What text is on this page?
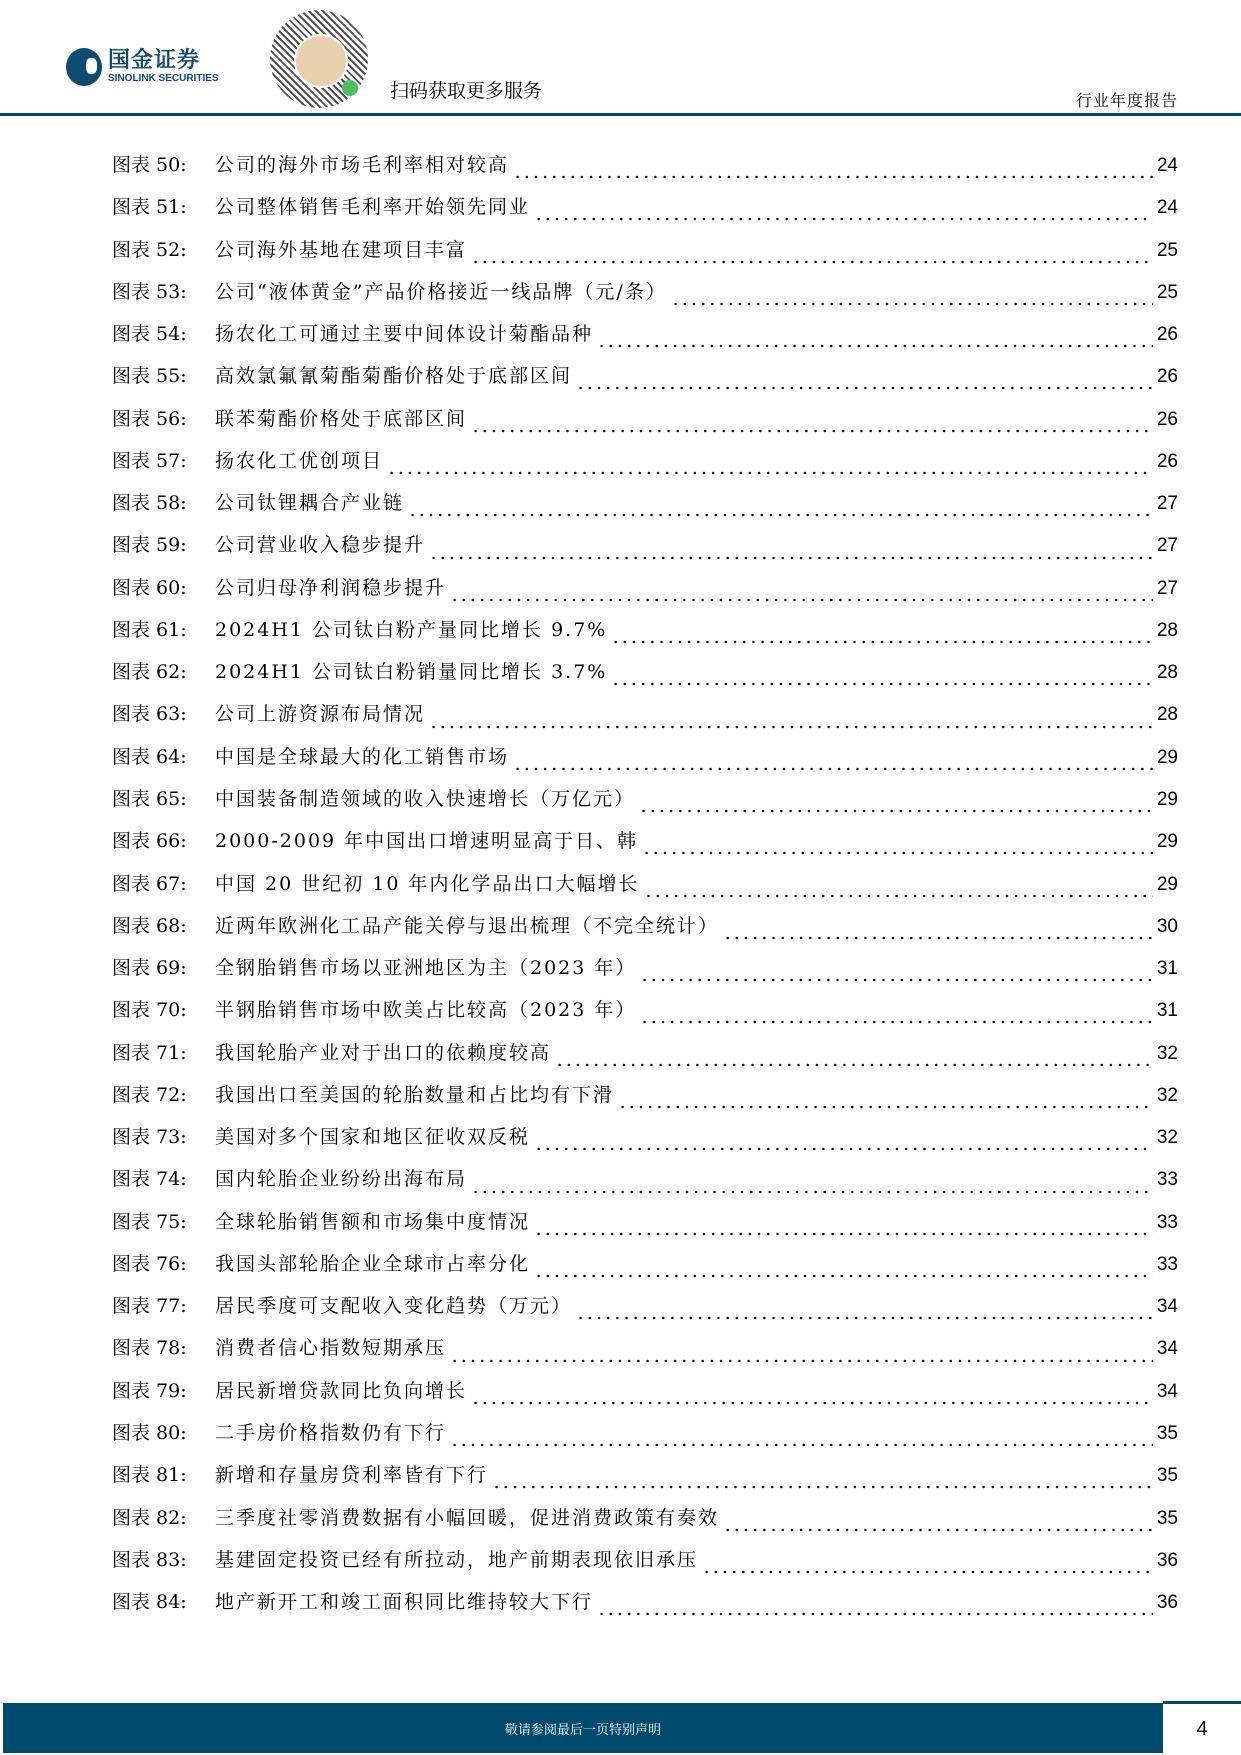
国金证券
SINOLINK SECURITIES
扫码获取更多服务	行业年度报告
图表 50:	公司的海外市场毛利率相对较高	24
图表 51:	公司整体销售毛利率开始领先同业	24
图表 52:	公司海外基地在建项目丰富	25
图表 53:	公司“液体黄金”产品价格接近一线品牌（元/条）	25
图表 54:	扬农化工可通过主要中间体设计菊酯品种	26
图表 55:	高效氯氟氰菊酯菊酯价格处于底部区间	26
图表 56:	联苯菊酯价格处于底部区间	26
图表 57:	扬农化工优创项目	26
图表 58:	公司钛锂耦合产业链	27
图表 59:	公司营业收入稳步提升	27
图表 60:	公司归母净利润稳步提升	27
图表 61:	2024H1 公司钛白粉产量同比增长 9.7%	28
图表 62:	2024H1 公司钛白粉销量同比增长 3.7%	28
图表 63:	公司上游资源布局情况	28
图表 64:	中国是全球最大的化工销售市场	29
图表 65:	中国装备制造领域的收入快速增长（万亿元）	29
图表 66:	2000-2009 年中国出口增速明显高于日、韩	29
图表 67:	中国 20 世纪初 10 年内化学品出口大幅增长	29
图表 68:	近两年欧洲化工品产能关停与退出梳理（不完全统计）	30
图表 69:	全钢胎销售市场以亚洲地区为主（2023 年）	31
图表 70:	半钢胎销售市场中欧美占比较高（2023 年）	31
图表 71:	我国轮胎产业对于出口的依赖度较高	32
图表 72:	我国出口至美国的轮胎数量和占比均有下滑	32
图表 73:	美国对多个国家和地区征收双反税	32
图表 74:	国内轮胎企业纷纷出海布局	33
图表 75:	全球轮胎销售额和市场集中度情况	33
图表 76:	我国头部轮胎企业全球市占率分化	33
图表 77:	居民季度可支配收入变化趋势（万元）	34
图表 78:	消费者信心指数短期承压	34
图表 79:	居民新增贷款同比负向增长	34
图表 80:	二手房价格指数仍有下行	35
图表 81:	新增和存量房贷利率皆有下行	35
图表 82:	三季度社零消费数据有小幅回暖，促进消费政策有奏效	35
图表 83:	基建固定投资已经有所拉动，地产前期表现依旧承压	36
图表 84:	地产新开工和竣工面积同比维持较大下行	36
敬请参阅最后一页特别声明	4
